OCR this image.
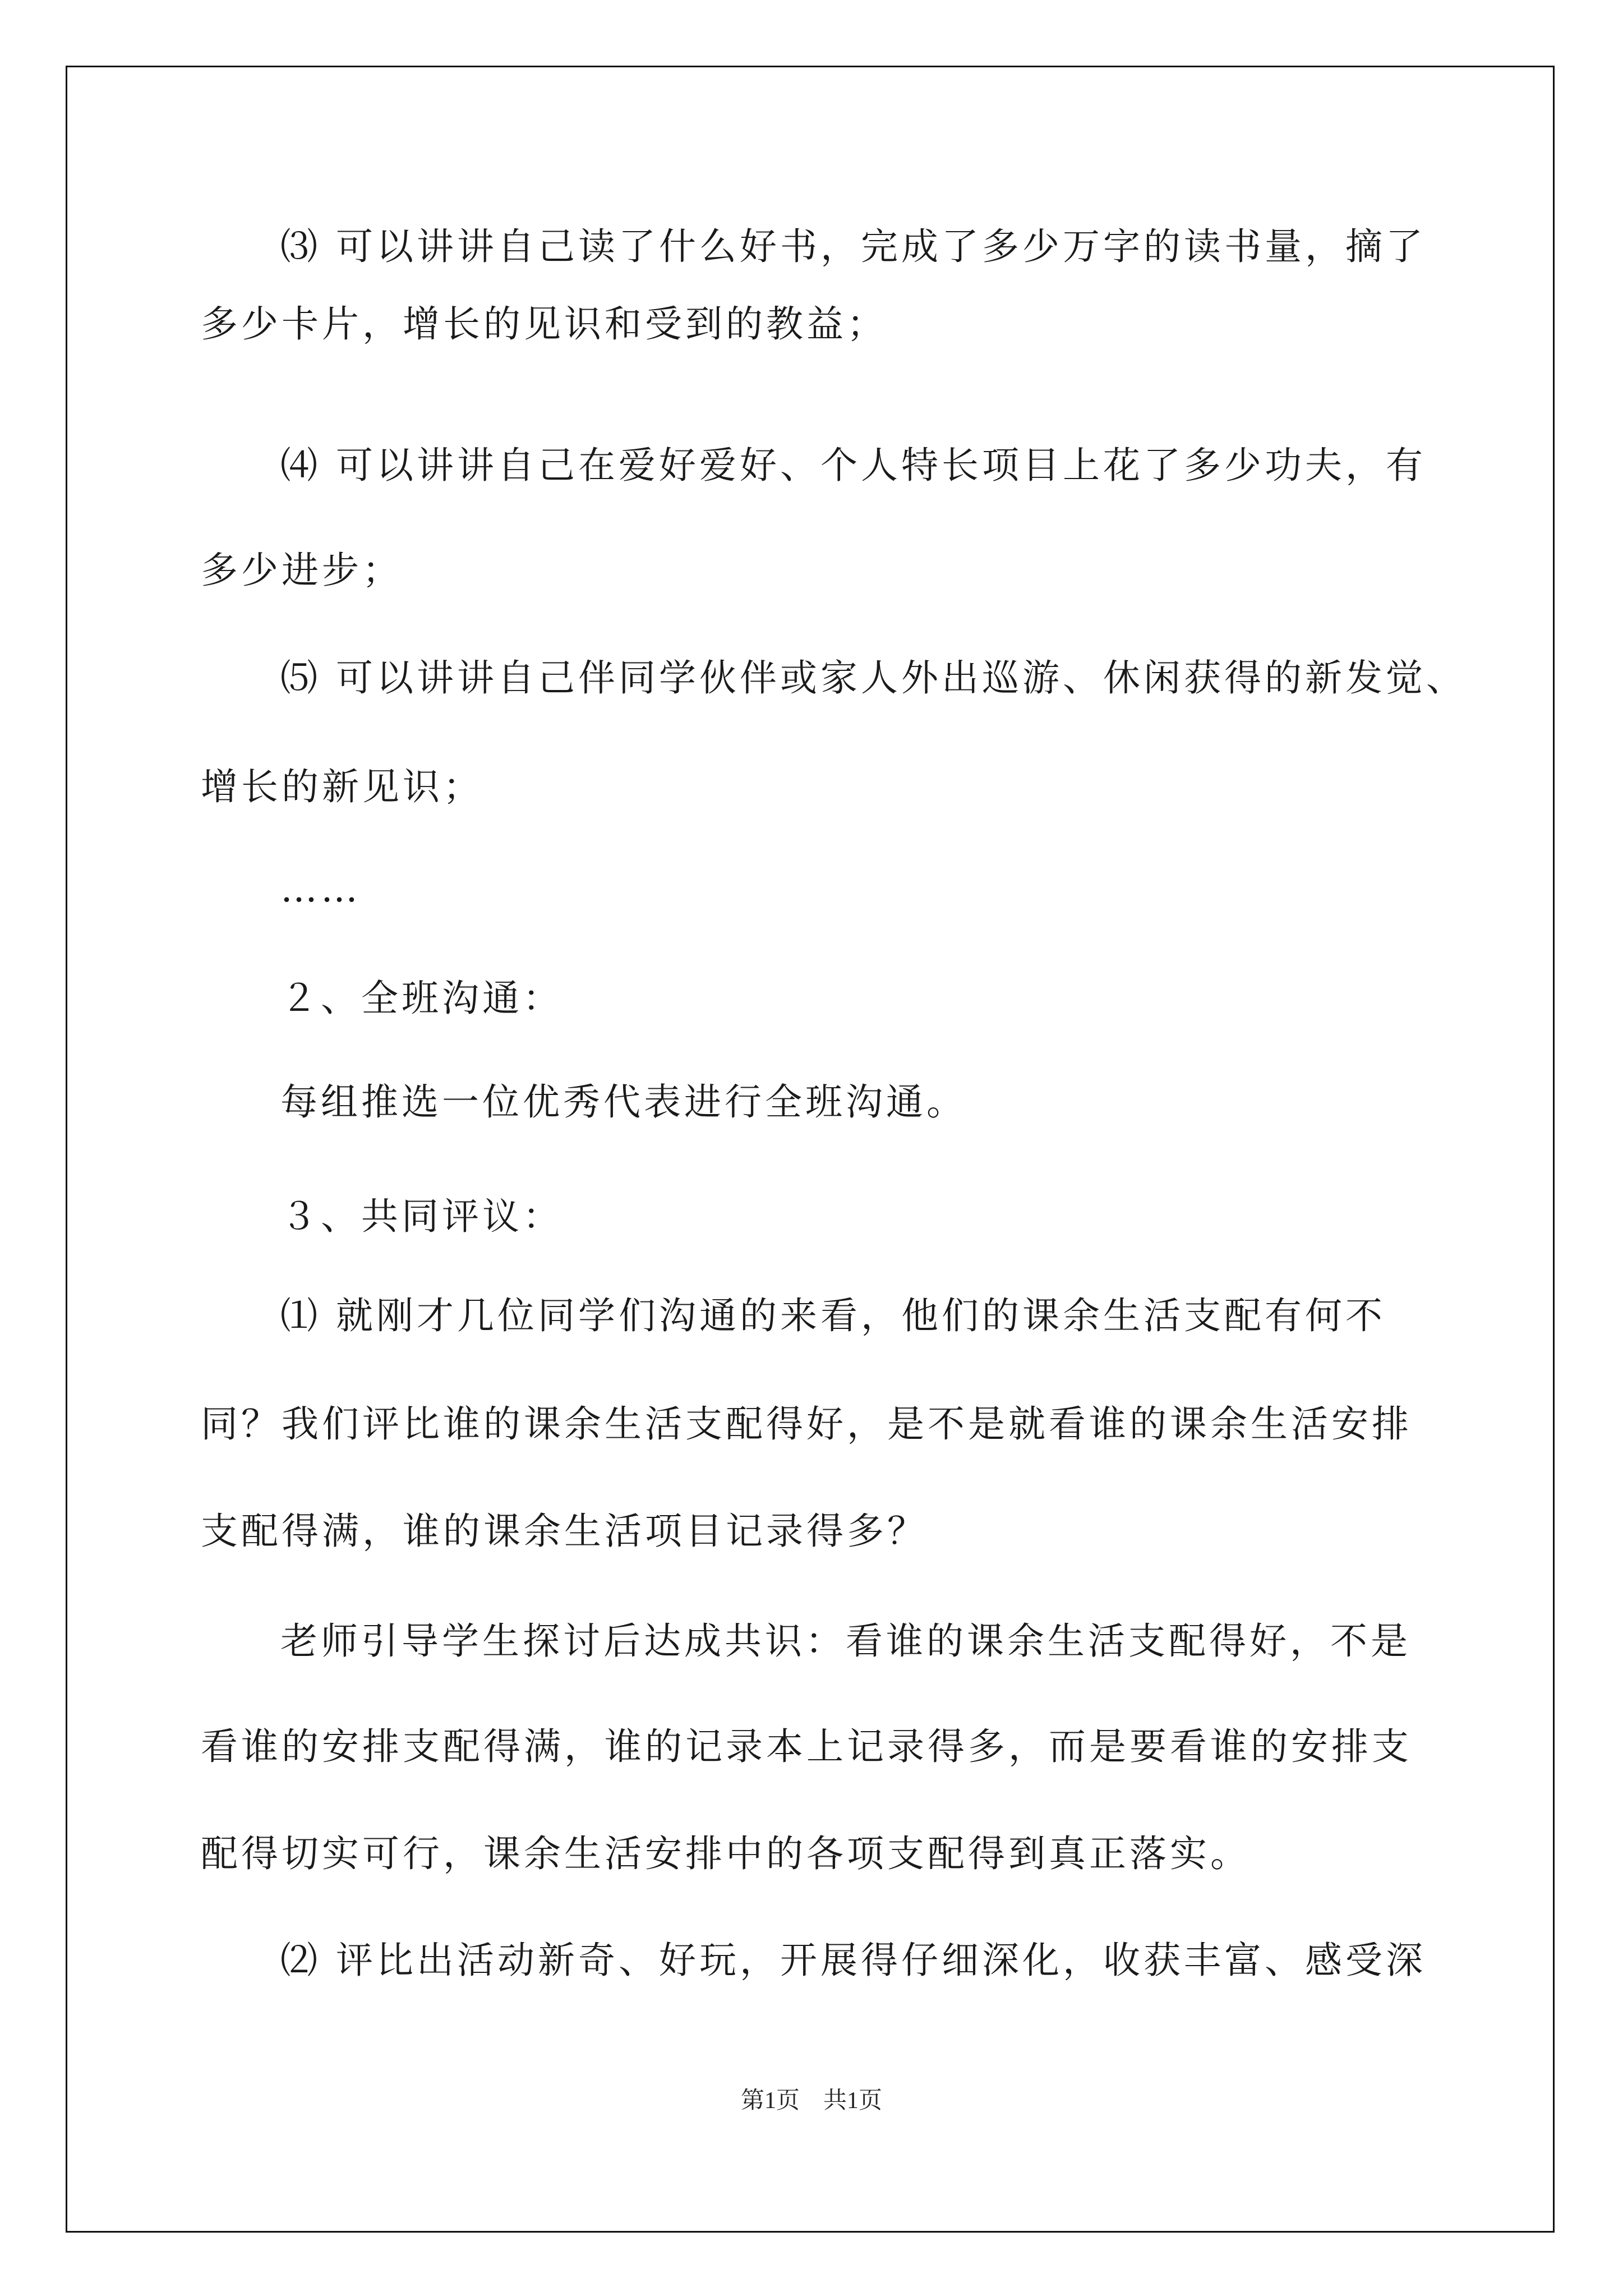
⑶ 可以讲讲自己读了什么好书，完成了多少万字的读书量，摘了
多少卡片，增长的见识和受到的教益；
⑷ 可以讲讲自己在爱好爱好、个人特长项目上花了多少功夫，有
多少进步；
⑸ 可以讲讲自己伴同学伙伴或家人外出巡游、休闲获得的新发觉、
增长的新见识；
……
２、全班沟通：
每组推选一位优秀代表进行全班沟通。
３、共同评议：
⑴ 就刚才几位同学们沟通的来看，他们的课余生活支配有何不
同？我们评比谁的课余生活支配得好，是不是就看谁的课余生活安排
支配得满，谁的课余生活项目记录得多？
老师引导学生探讨后达成共识：看谁的课余生活支配得好，不是
看谁的安排支配得满，谁的记录本上记录得多，而是要看谁的安排支
配得切实可行，课余生活安排中的各项支配得到真正落实。
⑵ 评比出活动新奇、好玩，开展得仔细深化，收获丰富、感受深
第1页　共1页
